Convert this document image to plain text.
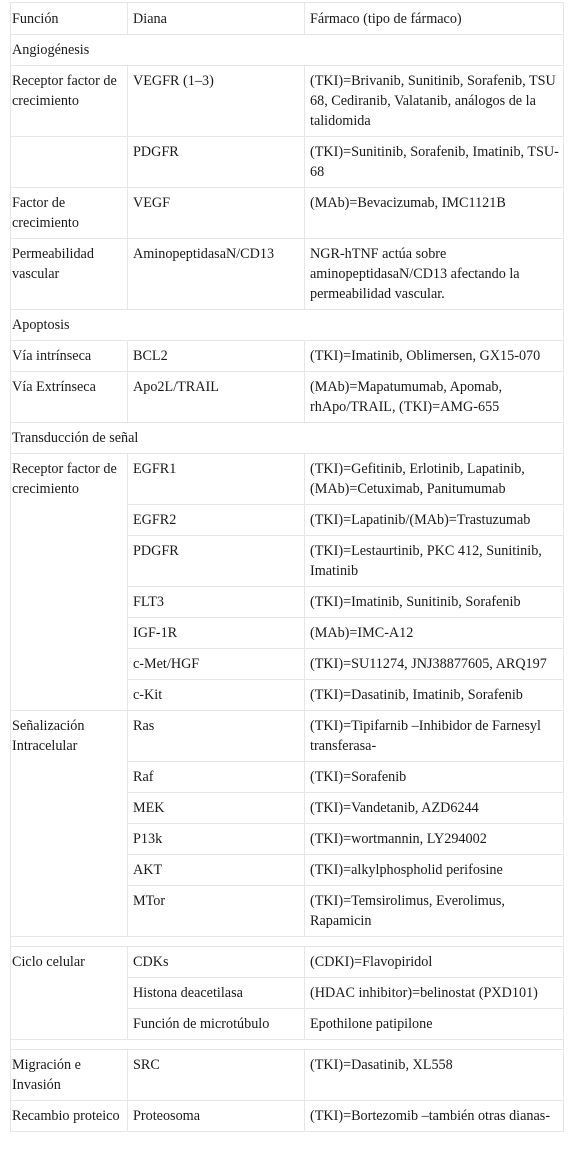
Función	Diana	Fármaco (tipo de fármaco)
Angiogénesis		
Receptor factor de crecimiento	VEGFR (1–3)	(TKI)=Brivanib, Sunitinib, Sorafenib, TSU 68, Cediranib, Valatanib, análogos de la talidomida
	PDGFR	(TKI)=Sunitinib, Sorafenib, Imatinib, TSU-68
Factor de crecimiento	VEGF	(MAb)=Bevacizumab, IMC1121B
Permeabilidad vascular	AminopeptidasaN/CD13	NGR-hTNF actúa sobre aminopeptidasaN/CD13 afectando la permeabilidad vascular.
Apoptosis		
Vía intrínseca	BCL2	(TKI)=Imatinib, Oblimersen, GX15-070
Vía Extrínseca	Apo2L/TRAIL	(MAb)=Mapatumumab, Apomab, rhApo/TRAIL, (TKI)=AMG-655
Transducción de señal		
Receptor factor de crecimiento	EGFR1	(TKI)=Gefitinib, Erlotinib, Lapatinib, (MAb)=Cetuximab, Panitumumab
	EGFR2	(TKI)=Lapatinib/(MAb)=Trastuzumab
	PDGFR	(TKI)=Lestaurtinib, PKC 412, Sunitinib, Imatinib
	FLT3	(TKI)=Imatinib, Sunitinib, Sorafenib
	IGF-1R	(MAb)=IMC-A12
	c-Met/HGF	(TKI)=SU11274, JNJ38877605, ARQ197
	c-Kit	(TKI)=Dasatinib, Imatinib, Sorafenib
Señalización Intracelular	Ras	(TKI)=Tipifarnib –Inhibidor de Farnesyl transferasa-
	Raf	(TKI)=Sorafenib
	MEK	(TKI)=Vandetanib, AZD6244
	P13k	(TKI)=wortmannin, LY294002
	AKT	(TKI)=alkylphospholid perifosine
	MTor	(TKI)=Temsirolimus, Everolimus, Rapamicin

Ciclo celular	CDKs	(CDKI)=Flavopiridol
	Histona deacetilasa	(HDAC inhibitor)=belinostat (PXD101)
	Función de microtúbulo	Epothilone patipilone

Migración e Invasión	SRC	(TKI)=Dasatinib, XL558
Recambio proteico	Proteosoma	(TKI)=Bortezomib –también otras dianas-
